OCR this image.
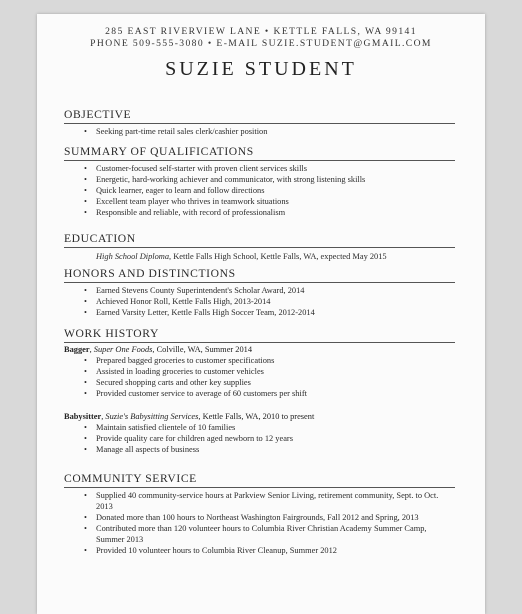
285 EAST RIVERVIEW LANE • KETTLE FALLS, WA 99141
PHONE 509-555-3080 • E-MAIL SUZIE.STUDENT@GMAIL.COM
SUZIE STUDENT
OBJECTIVE
• Seeking part-time retail sales clerk/cashier position
SUMMARY OF QUALIFICATIONS
• Customer-focused self-starter with proven client services skills
• Energetic, hard-working achiever and communicator, with strong listening skills
• Quick learner, eager to learn and follow directions
• Excellent team player who thrives in teamwork situations
• Responsible and reliable, with record of professionalism
EDUCATION
High School Diploma, Kettle Falls High School, Kettle Falls, WA, expected May 2015
HONORS AND DISTINCTIONS
• Earned Stevens County Superintendent's Scholar Award, 2014
• Achieved Honor Roll, Kettle Falls High, 2013-2014
• Earned Varsity Letter, Kettle Falls High Soccer Team, 2012-2014
WORK HISTORY
Bagger, Super One Foods, Colville, WA, Summer 2014
• Prepared bagged groceries to customer specifications
• Assisted in loading groceries to customer vehicles
• Secured shopping carts and other key supplies
• Provided customer service to average of 60 customers per shift
Babysitter, Suzie's Babysitting Services, Kettle Falls, WA, 2010 to present
• Maintain satisfied clientele of 10 families
• Provide quality care for children aged newborn to 12 years
• Manage all aspects of business
COMMUNITY SERVICE
• Supplied 40 community-service hours at Parkview Senior Living, retirement community, Sept. to Oct. 2013
• Donated more than 100 hours to Northeast Washington Fairgrounds, Fall 2012 and Spring, 2013
• Contributed more than 120 volunteer hours to Columbia River Christian Academy Summer Camp, Summer 2013
• Provided 10 volunteer hours to Columbia River Cleanup, Summer 2012
